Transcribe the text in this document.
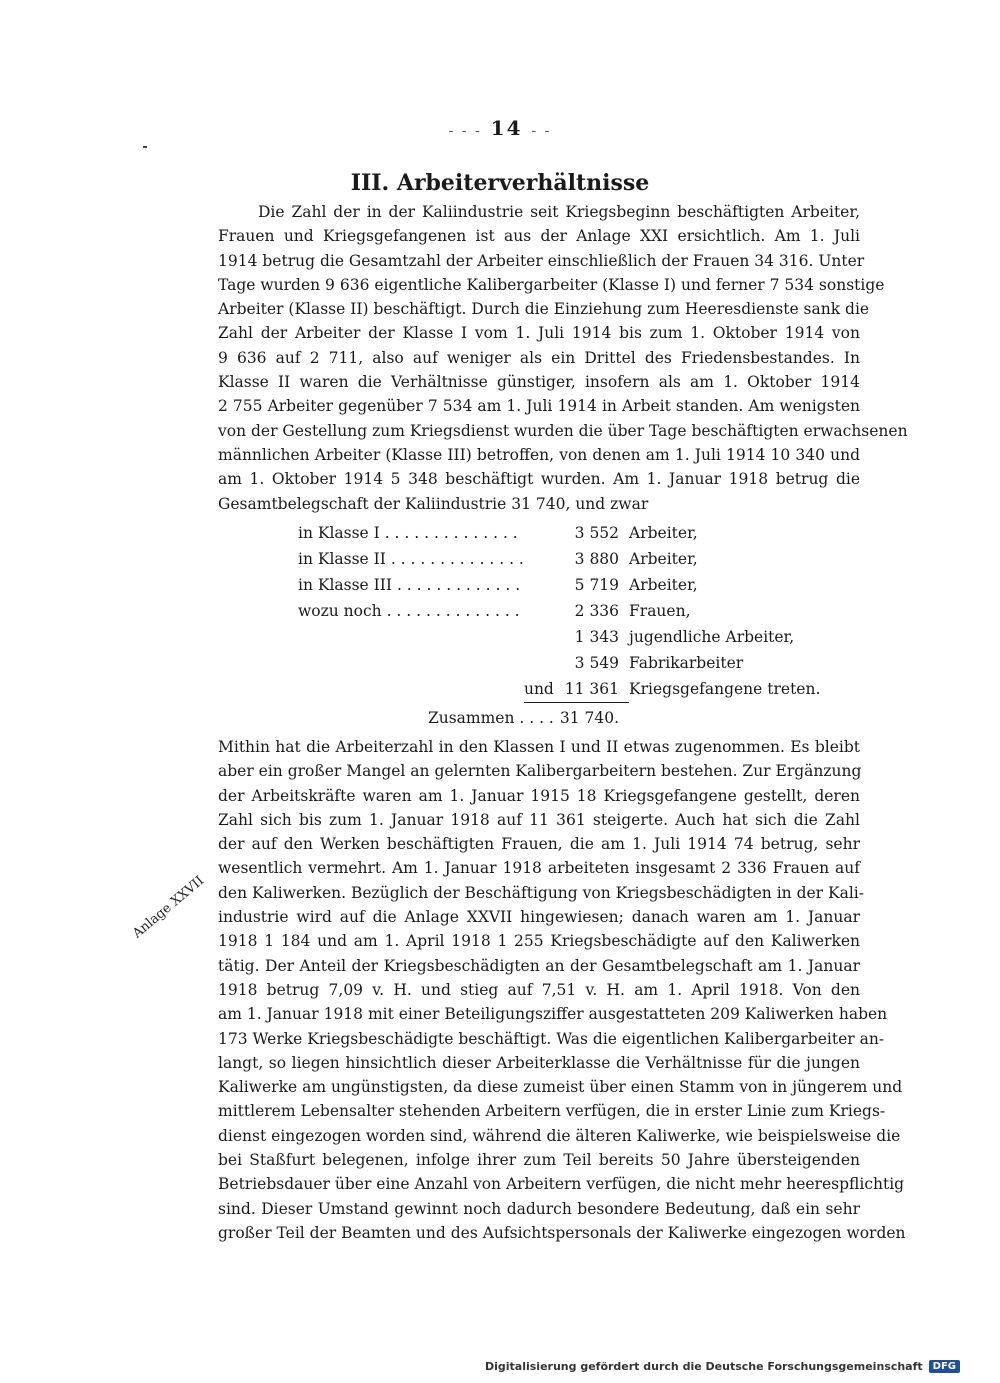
- - - 14 - -
III. Arbeiterverhältnisse
Die Zahl der in der Kaliindustrie seit Kriegsbeginn beschäftigten Arbeiter,
Frauen und Kriegsgefangenen ist aus der Anlage XXI ersichtlich. Am 1. Juli
1914 betrug die Gesamtzahl der Arbeiter einschließlich der Frauen 34 316. Unter
Tage wurden 9 636 eigentliche Kalibergarbeiter (Klasse I) und ferner 7 534 sonstige
Arbeiter (Klasse II) beschäftigt. Durch die Einziehung zum Heeresdienste sank die
Zahl der Arbeiter der Klasse I vom 1. Juli 1914 bis zum 1. Oktober 1914 von
9 636 auf 2 711, also auf weniger als ein Drittel des Friedensbestandes. In
Klasse II waren die Verhältnisse günstiger, insofern als am 1. Oktober 1914
2 755 Arbeiter gegenüber 7 534 am 1. Juli 1914 in Arbeit standen. Am wenigsten
von der Gestellung zum Kriegsdienst wurden die über Tage beschäftigten erwachsenen
männlichen Arbeiter (Klasse III) betroffen, von denen am 1. Juli 1914 10 340 und
am 1. Oktober 1914 5 348 beschäftigt wurden. Am 1. Januar 1918 betrug die
Gesamtbelegschaft der Kaliindustrie 31 740, und zwar
in Klasse I . . . . . . . . . . . . . .		3 552	Arbeiter,
in Klasse II . . . . . . . . . . . . . .		3 880	Arbeiter,
in Klasse III . . . . . . . . . . . . .		5 719	Arbeiter,
wozu noch . . . . . . . . . . . . . .		2 336	Frauen,
		1 343	jugendliche Arbeiter,
		3 549	Fabrikarbeiter
	und	11 361	Kriegsgefangene treten.
Zusammen . . . .		31 740.	
Mithin hat die Arbeiterzahl in den Klassen I und II etwas zugenommen. Es bleibt
aber ein großer Mangel an gelernten Kalibergarbeitern bestehen. Zur Ergänzung
der Arbeitskräfte waren am 1. Januar 1915 18 Kriegsgefangene gestellt, deren
Zahl sich bis zum 1. Januar 1918 auf 11 361 steigerte. Auch hat sich die Zahl
der auf den Werken beschäftigten Frauen, die am 1. Juli 1914 74 betrug, sehr
wesentlich vermehrt. Am 1. Januar 1918 arbeiteten insgesamt 2 336 Frauen auf
den Kaliwerken. Bezüglich der Beschäftigung von Kriegsbeschädigten in der Kali-
industrie wird auf die Anlage XXVII hingewiesen; danach waren am 1. Januar
1918 1 184 und am 1. April 1918 1 255 Kriegsbeschädigte auf den Kaliwerken
tätig. Der Anteil der Kriegsbeschädigten an der Gesamtbelegschaft am 1. Januar
1918 betrug 7,09 v. H. und stieg auf 7,51 v. H. am 1. April 1918. Von den
am 1. Januar 1918 mit einer Beteiligungsziffer ausgestatteten 209 Kaliwerken haben
173 Werke Kriegsbeschädigte beschäftigt. Was die eigentlichen Kalibergarbeiter an-
langt, so liegen hinsichtlich dieser Arbeiterklasse die Verhältnisse für die jungen
Kaliwerke am ungünstigsten, da diese zumeist über einen Stamm von in jüngerem und
mittlerem Lebensalter stehenden Arbeitern verfügen, die in erster Linie zum Kriegs-
dienst eingezogen worden sind, während die älteren Kaliwerke, wie beispielsweise die
bei Staßfurt belegenen, infolge ihrer zum Teil bereits 50 Jahre übersteigenden
Betriebsdauer über eine Anzahl von Arbeitern verfügen, die nicht mehr heerespflichtig
sind. Dieser Umstand gewinnt noch dadurch besondere Bedeutung, daß ein sehr
großer Teil der Beamten und des Aufsichtspersonals der Kaliwerke eingezogen worden
Anlage XXVII
Digitalisierung gefördert durch die Deutsche Forschungsgemeinschaft	DFG
